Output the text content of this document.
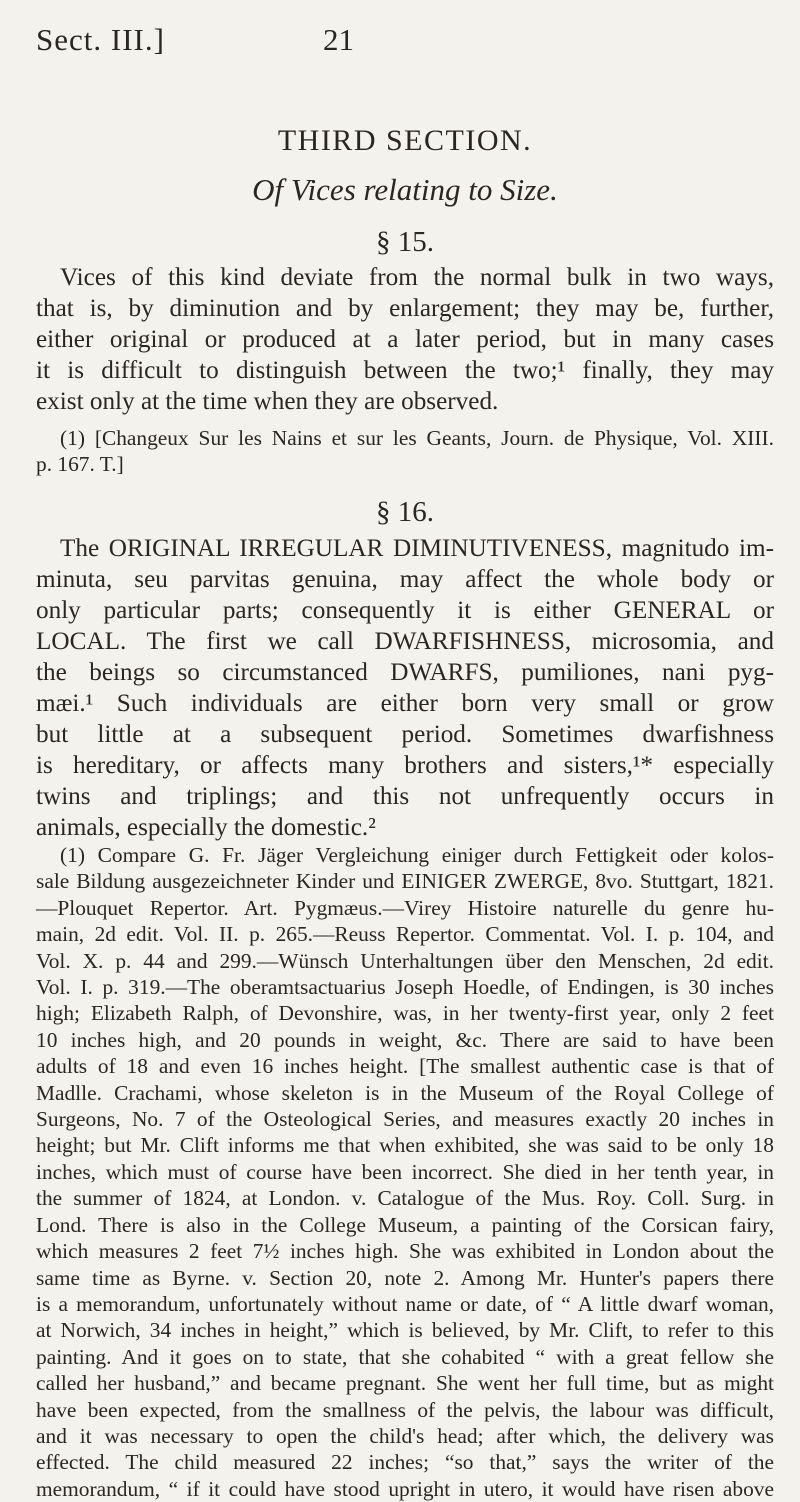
Sect. III.]	21
THIRD SECTION.
Of Vices relating to Size.
§ 15.
Vices of this kind deviate from the normal bulk in two ways,
that is, by diminution and by enlargement; they may be, further,
either original or produced at a later period, but in many cases
it is difficult to distinguish between the two;¹ finally, they may
exist only at the time when they are observed.
(1) [Changeux Sur les Nains et sur les Geants, Journ. de Physique, Vol. XIII.
p. 167. T.]
§ 16.
The ORIGINAL IRREGULAR DIMINUTIVENESS, magnitudo im-
minuta, seu parvitas genuina, may affect the whole body or
only particular parts; consequently it is either GENERAL or
LOCAL. The first we call DWARFISHNESS, microsomia, and
the beings so circumstanced DWARFS, pumiliones, nani pyg-
mæi.¹ Such individuals are either born very small or grow
but little at a subsequent period. Sometimes dwarfishness
is hereditary, or affects many brothers and sisters,¹* especially
twins and triplings; and this not unfrequently occurs in
animals, especially the domestic.²
(1) Compare G. Fr. Jäger Vergleichung einiger durch Fettigkeit oder kolos-
sale Bildung ausgezeichneter Kinder und EINIGER ZWERGE, 8vo. Stuttgart, 1821.
—Plouquet Repertor. Art. Pygmæus.—Virey Histoire naturelle du genre hu-
main, 2d edit. Vol. II. p. 265.—Reuss Repertor. Commentat. Vol. I. p. 104, and
Vol. X. p. 44 and 299.—Wünsch Unterhaltungen über den Menschen, 2d edit.
Vol. I. p. 319.—The oberamtsactuarius Joseph Hoedle, of Endingen, is 30 inches
high; Elizabeth Ralph, of Devonshire, was, in her twenty-first year, only 2 feet
10 inches high, and 20 pounds in weight, &c. There are said to have been
adults of 18 and even 16 inches height. [The smallest authentic case is that of
Madlle. Crachami, whose skeleton is in the Museum of the Royal College of
Surgeons, No. 7 of the Osteological Series, and measures exactly 20 inches in
height; but Mr. Clift informs me that when exhibited, she was said to be only 18
inches, which must of course have been incorrect. She died in her tenth year, in
the summer of 1824, at London. v. Catalogue of the Mus. Roy. Coll. Surg. in
Lond. There is also in the College Museum, a painting of the Corsican fairy,
which measures 2 feet 7½ inches high. She was exhibited in London about the
same time as Byrne. v. Section 20, note 2. Among Mr. Hunter's papers there
is a memorandum, unfortunately without name or date, of “ A little dwarf woman,
at Norwich, 34 inches in height,” which is believed, by Mr. Clift, to refer to this
painting. And it goes on to state, that she cohabited “ with a great fellow she
called her husband,” and became pregnant. She went her full time, but as might
have been expected, from the smallness of the pelvis, the labour was difficult,
and it was necessary to open the child's head; after which, the delivery was
effected. The child measured 22 inches; “so that,” says the writer of the
memorandum, “ if it could have stood upright in utero, it would have risen above
